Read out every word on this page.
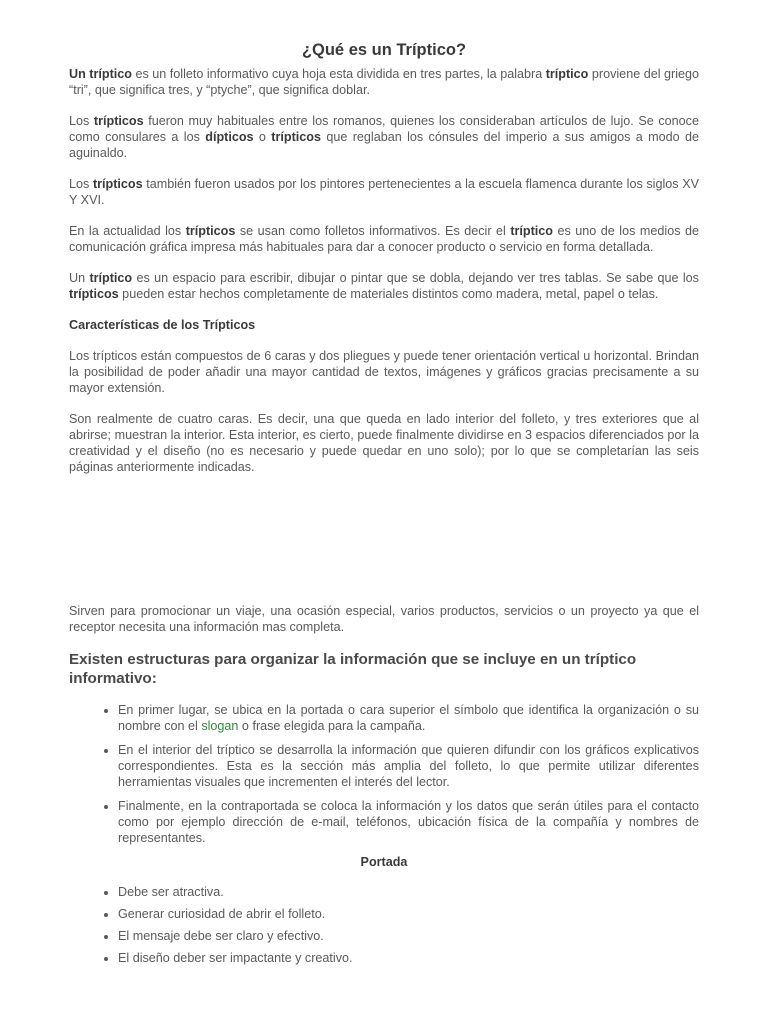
¿Qué es un Tríptico?

Un tríptico es un folleto informativo cuya hoja esta dividida en tres partes, la palabra tríptico proviene del griego “tri”, que significa tres, y “ptyche”, que significa doblar.

Los trípticos fueron muy habituales entre los romanos, quienes los consideraban artículos de lujo. Se conoce como consulares a los dípticos o trípticos que reglaban los cónsules del imperio a sus amigos a modo de aguinaldo.

Los trípticos también fueron usados por los pintores pertenecientes a la escuela flamenca durante los siglos XV Y XVI.

En la actualidad los trípticos se usan como folletos informativos. Es decir el tríptico es uno de los medios de comunicación gráfica impresa más habituales para dar a conocer producto o servicio en forma detallada.

Un tríptico es un espacio para escribir, dibujar o pintar que se dobla, dejando ver tres tablas. Se sabe que los trípticos pueden estar hechos completamente de materiales distintos como madera, metal, papel o telas.

Características de los Trípticos

Los trípticos están compuestos de 6 caras y dos pliegues y puede tener orientación vertical u horizontal. Brindan la posibilidad de poder añadir una mayor cantidad de textos, imágenes y gráficos gracias precisamente a su mayor extensión.

Son realmente de cuatro caras. Es decir, una que queda en lado interior del folleto, y tres exteriores que al abrirse; muestran la interior. Esta interior, es cierto, puede finalmente dividirse en 3 espacios diferenciados por la creatividad y el diseño (no es necesario y puede quedar en uno solo); por lo que se completarían las seis páginas anteriormente indicadas.

Sirven para promocionar un viaje, una ocasión especial, varios productos, servicios o un proyecto ya que el receptor necesita una información mas completa.

Existen estructuras para organizar la información que se incluye en un tríptico informativo:
• En primer lugar, se ubica en la portada o cara superior el símbolo que identifica la organización o su nombre con el slogan o frase elegida para la campaña.
• En el interior del tríptico se desarrolla la información que quieren difundir con los gráficos explicativos correspondientes. Esta es la sección más amplia del folleto, lo que permite utilizar diferentes herramientas visuales que incrementen el interés del lector.
• Finalmente, en la contraportada se coloca la información y los datos que serán útiles para el contacto como por ejemplo dirección de e-mail, teléfonos, ubicación física de la compañía y nombres de representantes.
Portada
• Debe ser atractiva.
• Generar curiosidad de abrir el folleto.
• El mensaje debe ser claro y efectivo.
• El diseño deber ser impactante y creativo.
